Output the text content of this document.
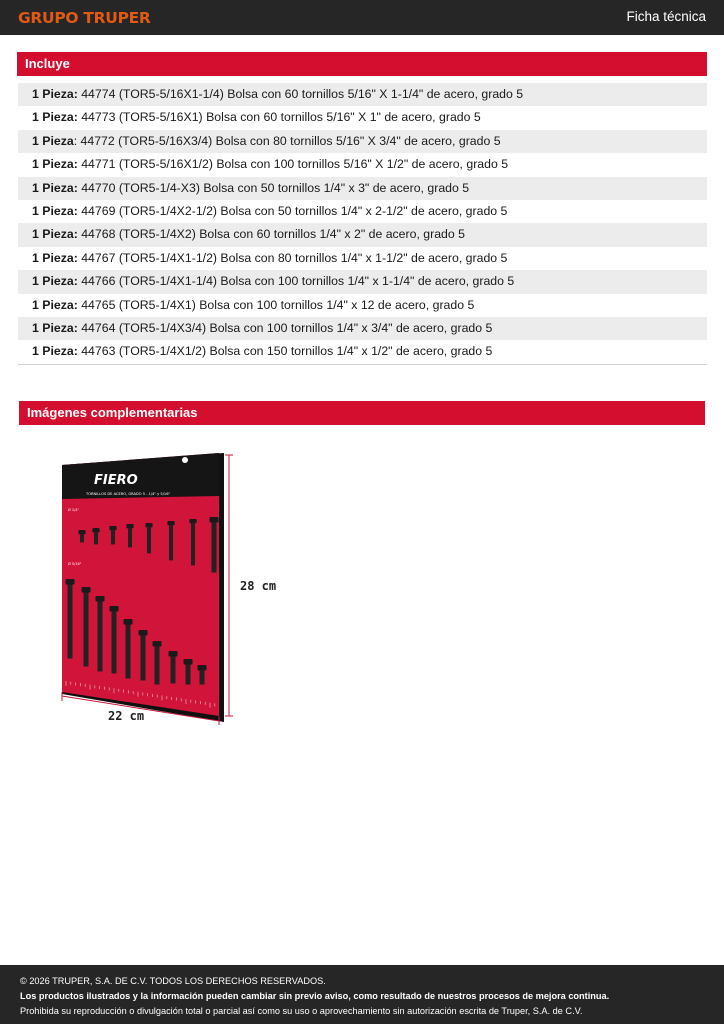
GRUPO TRUPER	Ficha técnica
Incluye
1 Pieza: 44774 (TOR5-5/16X1-1/4) Bolsa con 60 tornillos 5/16" X 1-1/4" de acero, grado 5
1 Pieza: 44773 (TOR5-5/16X1) Bolsa con 60 tornillos 5/16" X 1" de acero, grado 5
1 Pieza: 44772 (TOR5-5/16X3/4) Bolsa con 80 tornillos 5/16" X 3/4" de acero, grado 5
1 Pieza: 44771 (TOR5-5/16X1/2) Bolsa con 100 tornillos 5/16" X 1/2" de acero, grado 5
1 Pieza: 44770 (TOR5-1/4-X3) Bolsa con 50 tornillos 1/4" x 3" de acero, grado 5
1 Pieza: 44769 (TOR5-1/4X2-1/2) Bolsa con 50 tornillos 1/4" x 2-1/2" de acero, grado 5
1 Pieza: 44768 (TOR5-1/4X2) Bolsa con 60 tornillos 1/4" x 2" de acero, grado 5
1 Pieza: 44767 (TOR5-1/4X1-1/2) Bolsa con 80 tornillos 1/4" x 1-1/2" de acero, grado 5
1 Pieza: 44766 (TOR5-1/4X1-1/4) Bolsa con 100 tornillos 1/4" x 1-1/4" de acero, grado 5
1 Pieza: 44765 (TOR5-1/4X1) Bolsa con 100 tornillos 1/4" x 12 de acero, grado 5
1 Pieza: 44764 (TOR5-1/4X3/4) Bolsa con 100 tornillos 1/4" x 3/4" de acero, grado 5
1 Pieza: 44763 (TOR5-1/4X1/2) Bolsa con 150 tornillos 1/4" x 1/2" de acero, grado 5
Imágenes complementarias
FIERO
TORNILLOS DE ACERO, GRADO 5 - 1/4" y 5/16"
Ø 1/4"
Ø 5/16"
28 cm
22 cm

© 2026 TRUPER, S.A. DE C.V. TODOS LOS DERECHOS RESERVADOS.

Los productos ilustrados y la información pueden cambiar sin previo aviso, como resultado de nuestros procesos de mejora continua.

Prohibida su reproducción o divulgación total o parcial así como su uso o aprovechamiento sin autorización escrita de Truper, S.A. de C.V.
